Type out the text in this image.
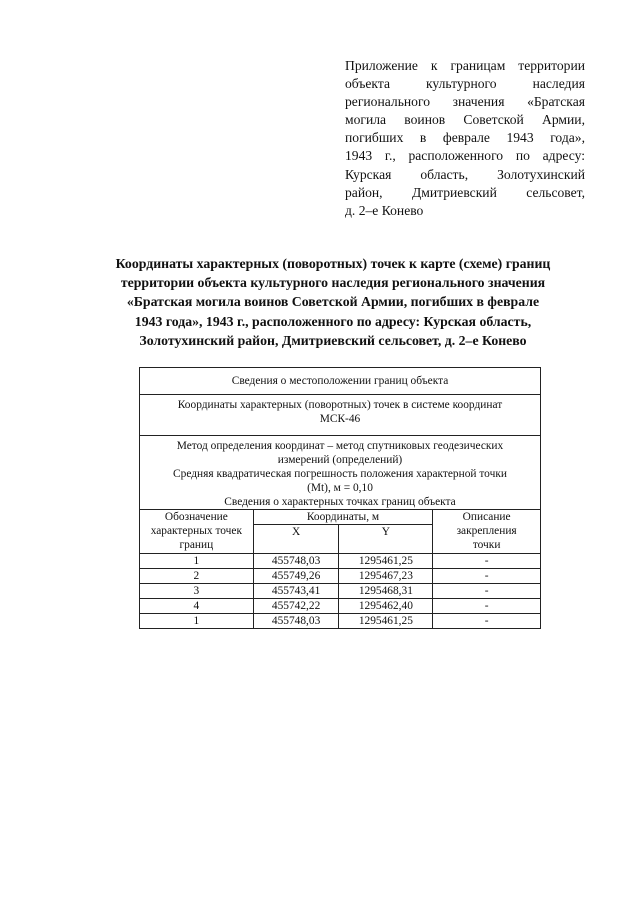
Приложение к границам территории
объекта культурного наследия
регионального значения «Братская
могила воинов Советской Армии,
погибших в феврале 1943 года»,
1943 г., расположенного по адресу:
Курская область, Золотухинский
район, Дмитриевский сельсовет,
д. 2–е Конево
Координаты характерных (поворотных) точек к карте (схеме) границ
территории объекта культурного наследия регионального значения
«Братская могила воинов Советской Армии, погибших в феврале
1943 года», 1943 г., расположенного по адресу: Курская область,
Золотухинский район, Дмитриевский сельсовет, д. 2–е Конево
Сведения о местоположении границ объекта			

Координаты характерных (поворотных) точек в системе координат
МСК-46			

Метод определения координат – метод спутниковых геодезических
измерений (определений)
Средняя квадратическая погрешность положения характерной точки
(Mt), м = 0,10
Сведения о характерных точках границ объекта			

Обозначение
характерных точек
границ	Координаты, м		Описание
закрепления
точки

	X	Y	
1	455748,03	1295461,25	-
2	455749,26	1295467,23	-
3	455743,41	1295468,31	-
4	455742,22	1295462,40	-
1	455748,03	1295461,25	-
